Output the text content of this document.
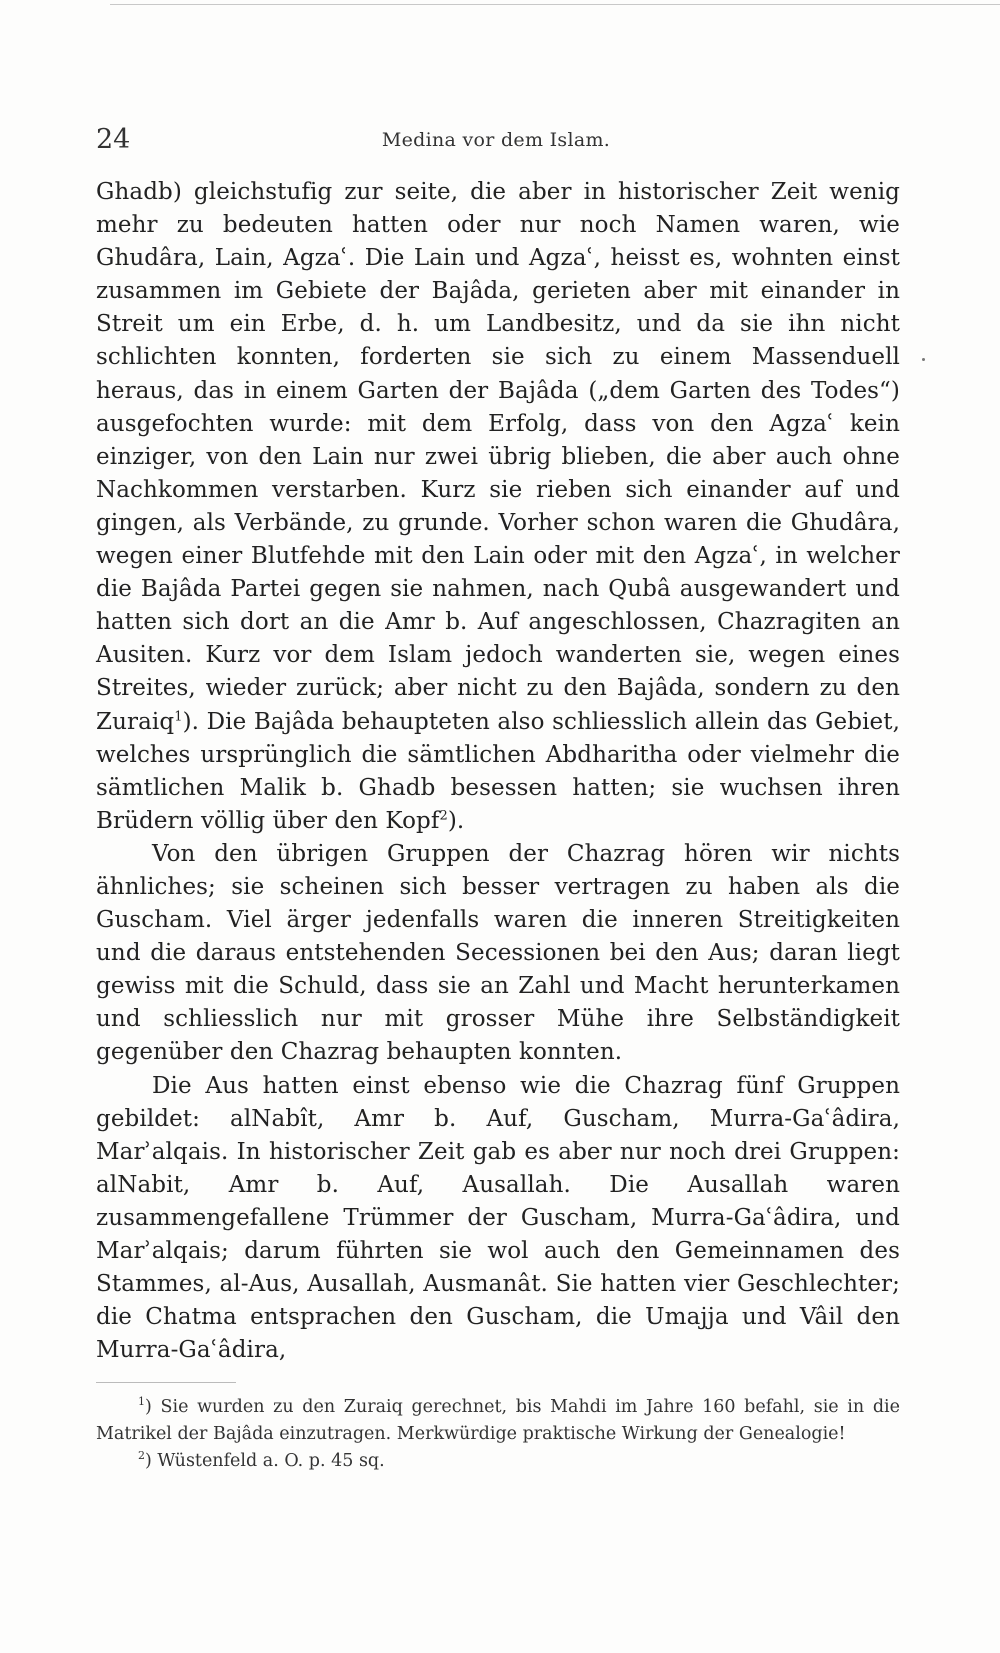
24	Medina vor dem Islam.

Ghadb) gleichstufig zur seite, die aber in historischer Zeit wenig mehr zu bedeuten hatten oder nur noch Namen waren, wie Ghudâra, Lain, Agzaʿ. Die Lain und Agzaʿ, heisst es, wohnten einst zusammen im Gebiete der Bajâda, gerieten aber mit einander in Streit um ein Erbe, d. h. um Landbesitz, und da sie ihn nicht schlichten konnten, forderten sie sich zu einem Massenduell heraus, das in einem Garten der Bajâda („dem Garten des Todes“) ausgefochten wurde: mit dem Erfolg, dass von den Agzaʿ kein einziger, von den Lain nur zwei übrig blieben, die aber auch ohne Nachkommen verstarben. Kurz sie rieben sich einander auf und gingen, als Verbände, zu grunde. Vorher schon waren die Ghudâra, wegen einer Blutfehde mit den Lain oder mit den Agzaʿ, in welcher die Bajâda Partei gegen sie nahmen, nach Qubâ ausgewandert und hatten sich dort an die Amr b. Auf angeschlossen, Chazragiten an Ausiten. Kurz vor dem Islam jedoch wanderten sie, wegen eines Streites, wieder zurück; aber nicht zu den Bajâda, sondern zu den Zuraiq$^1$). Die Bajâda behaupteten also schliesslich allein das Gebiet, welches ursprünglich die sämtlichen Abdharitha oder vielmehr die sämtlichen Malik b. Ghadb besessen hatten; sie wuchsen ihren Brüdern völlig über den Kopf$^2$).

Von den übrigen Gruppen der Chazrag hören wir nichts ähnliches; sie scheinen sich besser vertragen zu haben als die Guscham. Viel ärger jedenfalls waren die inneren Streitigkeiten und die daraus entstehenden Secessionen bei den Aus; daran liegt gewiss mit die Schuld, dass sie an Zahl und Macht herunterkamen und schliesslich nur mit grosser Mühe ihre Selbständigkeit gegenüber den Chazrag behaupten konnten.

Die Aus hatten einst ebenso wie die Chazrag fünf Gruppen gebildet: alNabît, Amr b. Auf, Guscham, Murra-Gaʿâdira, Marʾalqais. In historischer Zeit gab es aber nur noch drei Gruppen: alNabit, Amr b. Auf, Ausallah. Die Ausallah waren zusammengefallene Trümmer der Guscham, Murra-Gaʿâdira, und Marʾalqais; darum führten sie wol auch den Gemeinnamen des Stammes, al-Aus, Ausallah, Ausmanât. Sie hatten vier Geschlechter; die Chatma entsprachen den Guscham, die Umajja und Vâil den Murra-Gaʿâdira,

$^1$) Sie wurden zu den Zuraiq gerechnet, bis Mahdi im Jahre 160 befahl, sie in die Matrikel der Bajâda einzutragen. Merkwürdige praktische Wirkung der Genealogie!

$^2$) Wüstenfeld a. O. p. 45 sq.
